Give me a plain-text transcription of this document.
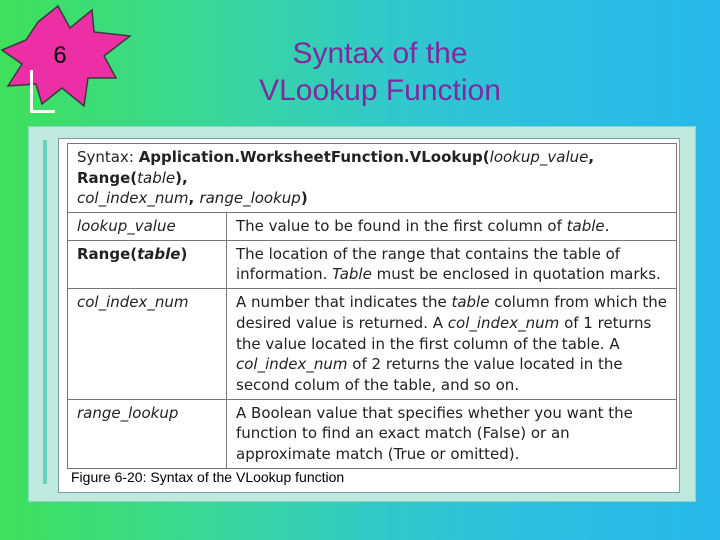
6	Syntax of the
VLookup Function
Syntax: Application.WorksheetFunction.VLookup(lookup_value, Range(table),
col_index_num, range_lookup)	
lookup_value	The value to be found in the first column of table.
Range(table)	The location of the range that contains the table of information. Table must be enclosed in quotation marks.
col_index_num	A number that indicates the table column from which the desired value is returned. A col_index_num of 1 returns the value located in the first column of the table. A col_index_num of 2 returns the value located in the second colum of the table, and so on.
range_lookup	A Boolean value that specifies whether you want the function to find an exact match (False) or an approximate match (True or omitted).
Figure 6-20: Syntax of the VLookup function
